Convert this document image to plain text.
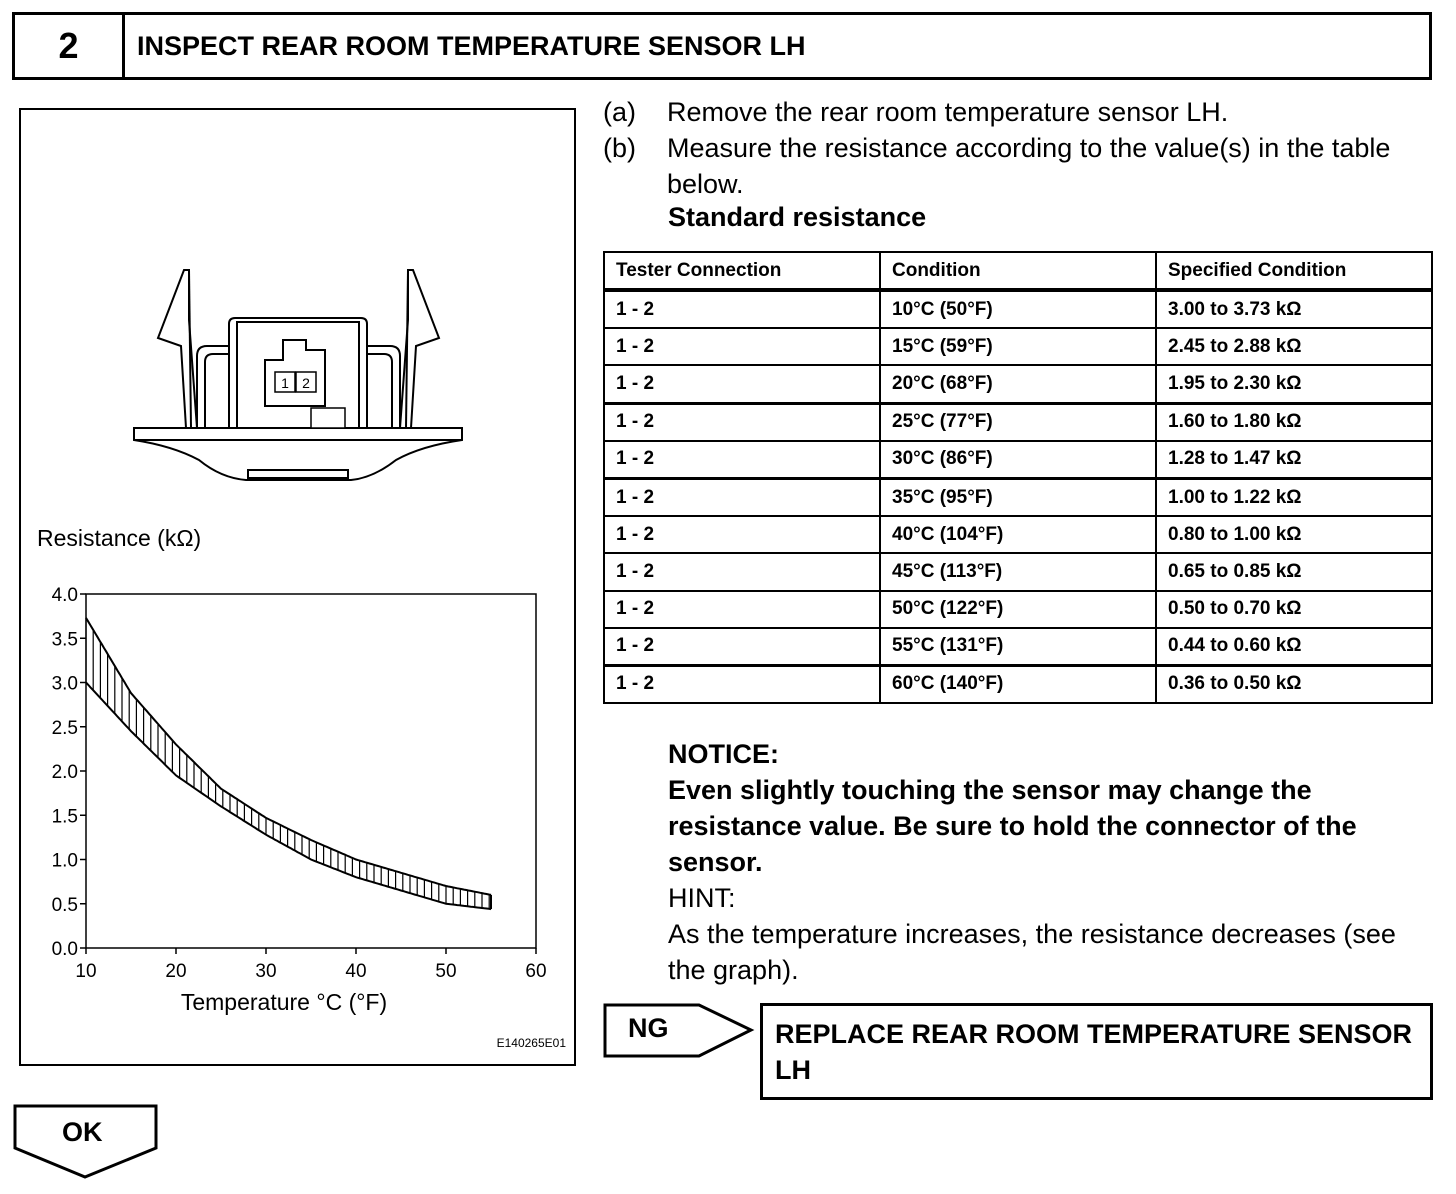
2	INSPECT REAR ROOM TEMPERATURE SENSOR LH
1 2
Resistance (kΩ)
0.0
0.5
1.0
1.5
2.0
2.5
3.0
3.5
4.0
10	20	30	40	50	60
Temperature °C (°F)
E140265E01
(a) Remove the rear room temperature sensor LH.
(b) Measure the resistance according to the value(s) in the table below.
Standard resistance
Tester Connection	Condition	Specified Condition
1 - 2	10°C (50°F)	3.00 to 3.73 kΩ
1 - 2	15°C (59°F)	2.45 to 2.88 kΩ
1 - 2	20°C (68°F)	1.95 to 2.30 kΩ
1 - 2	25°C (77°F)	1.60 to 1.80 kΩ
1 - 2	30°C (86°F)	1.28 to 1.47 kΩ
1 - 2	35°C (95°F)	1.00 to 1.22 kΩ
1 - 2	40°C (104°F)	0.80 to 1.00 kΩ
1 - 2	45°C (113°F)	0.65 to 0.85 kΩ
1 - 2	50°C (122°F)	0.50 to 0.70 kΩ
1 - 2	55°C (131°F)	0.44 to 0.60 kΩ
1 - 2	60°C (140°F)	0.36 to 0.50 kΩ
NOTICE:
Even slightly touching the sensor may change the resistance value. Be sure to hold the connector of the sensor.
HINT:
As the temperature increases, the resistance decreases (see the graph).
NG	REPLACE REAR ROOM TEMPERATURE SENSOR LH
OK
